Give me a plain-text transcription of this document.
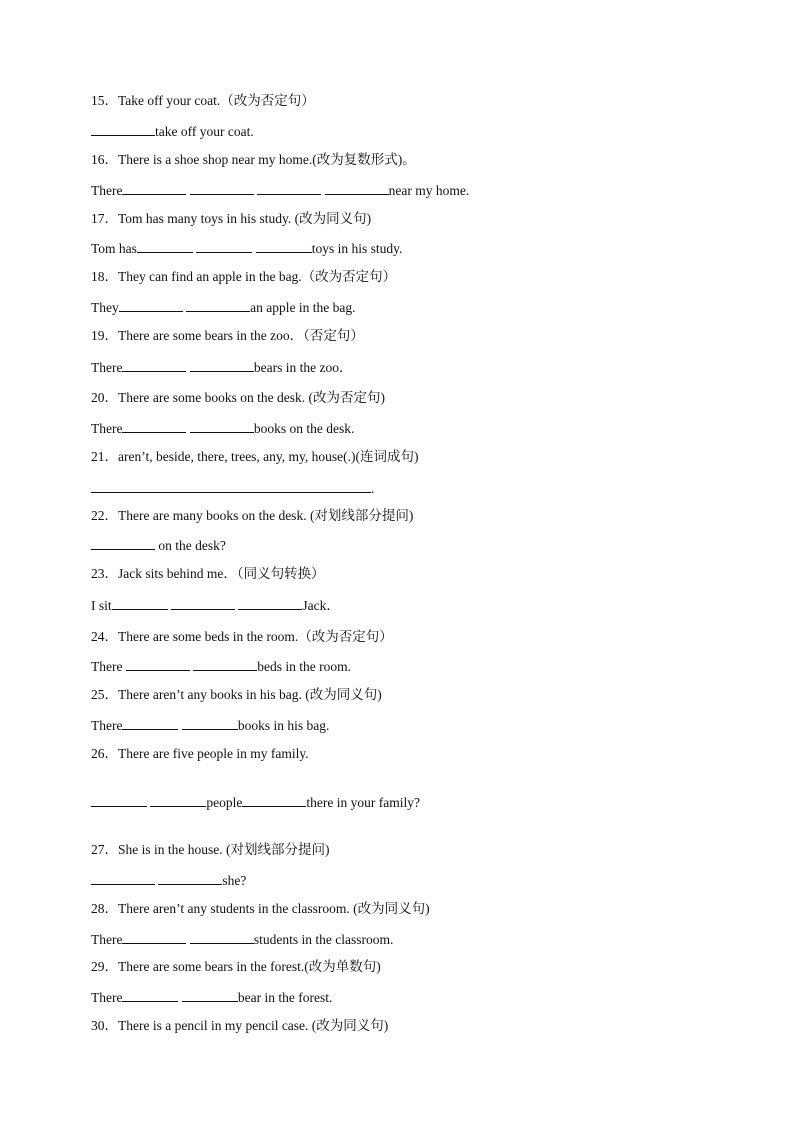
15．Take off your coat.（改为否定句）
take off your coat.
16．There is a shoe shop near my home.(改为复数形式)。
There	near my home.
17．Tom has many toys in his study. (改为同义句)
Tom has	toys in his study.
18．They can find an apple in the bag.（改为否定句）
They	an apple in the bag.
19．There are some bears in the zoo．（否定句）
There	bears in the zoo．
20．There are some books on the desk. (改为否定句)
There	books on the desk.
21．aren’t, beside, there, trees, any, my, house(.)(连词成句)
.
22．There are many books on the desk. (对划线部分提问)
on the desk?
23．Jack sits behind me．（同义句转换）
I sit	Jack．
24．There are some beds in the room.（改为否定句）
There	beds in the room.
25．There aren’t any books in his bag. (改为同义句)
There	books in his bag.
26．There are five people in my family.
people	there in your family?
27．She is in the house. (对划线部分提问)
she?
28．There aren’t any students in the classroom. (改为同义句)
There	students in the classroom.
29．There are some bears in the forest.(改为单数句)
There	bear in the forest.
30．There is a pencil in my pencil case. (改为同义句)
